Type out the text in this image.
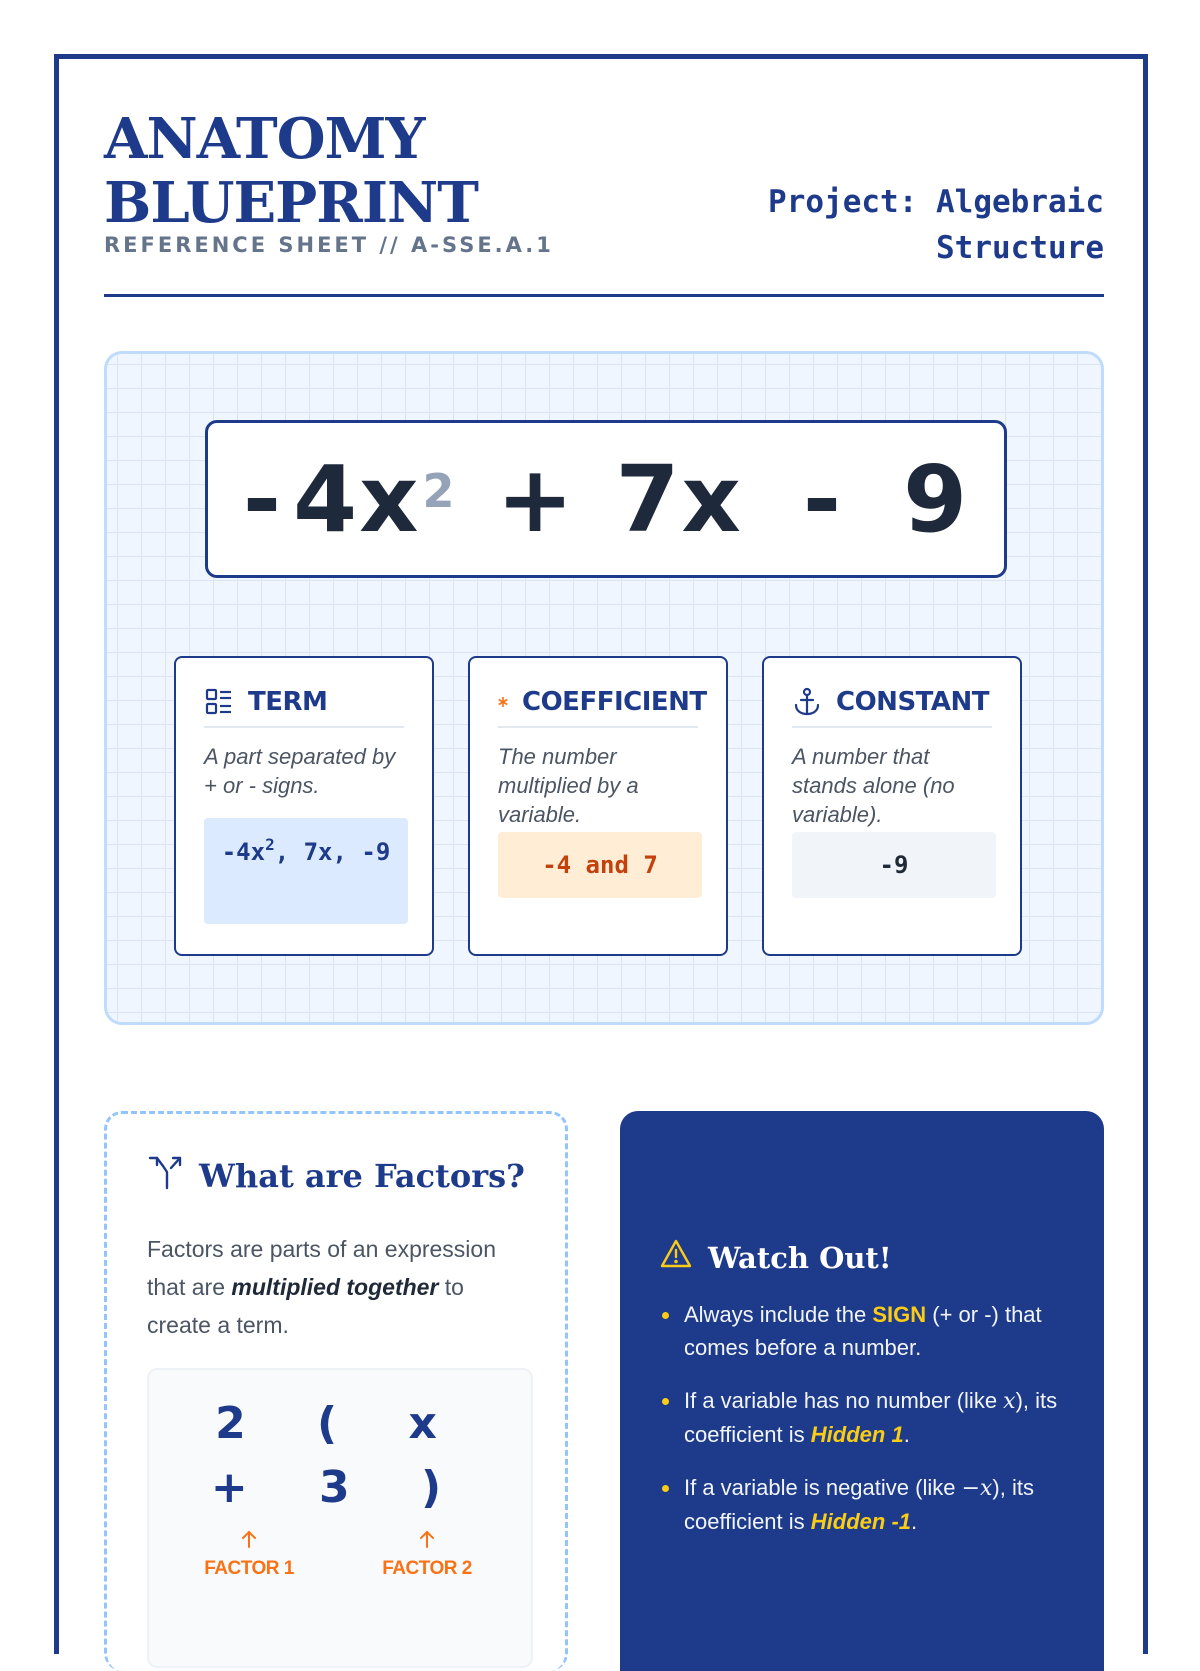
ANATOMY
BLUEPRINT
REFERENCE SHEET // A-SSE.A.1
Project: Algebraic
Structure
- $4x^2 + 7x - 9$
TERM
A part separated by + or - signs.
$-4x^2$, 7x, -9
COEFFICIENT
The number multiplied by a variable.
-4 and 7
CONSTANT
A number that stands alone (no variable).
-9
What are Factors?
Factors are parts of an expression that are multiplied together to create a term.
2 ( x + 3 )
FACTOR 1	FACTOR 2
Watch Out!
Always include the SIGN (+ or -) that comes before a number.
If a variable has no number (like x), its coefficient is Hidden 1.
If a variable is negative (like −x), its coefficient is Hidden -1.
